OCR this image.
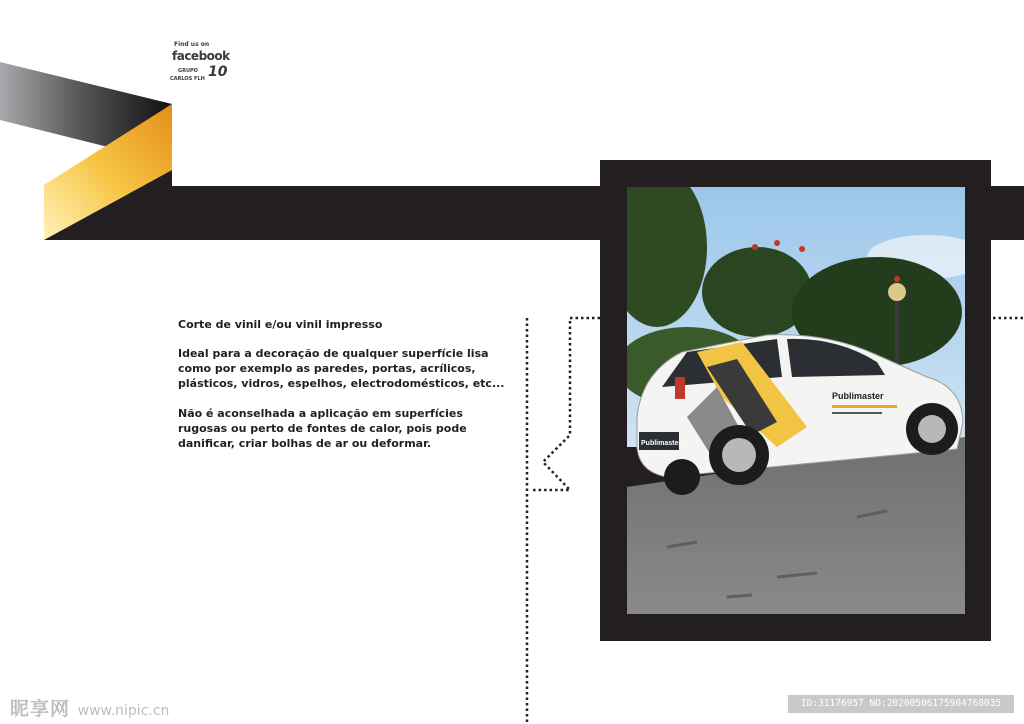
Find us on
facebook
GRUPO
CARLOS FLH 10
Corte de vinil e/ou vinil impresso

Ideal para a decoração de qualquer superfície lisa como por exemplo as paredes, portas, acrílicos, plásticos, vidros, espelhos, electrodomésticos, etc...

Não é aconselhada a aplicação em superfícies rugosas ou perto de fontes de calor, pois pode danificar, criar bolhas de ar ou deformar.

Publimaster
Publimaster
昵享网 www.nipic.cn	ID:31176957 NO:20200506175904768035
